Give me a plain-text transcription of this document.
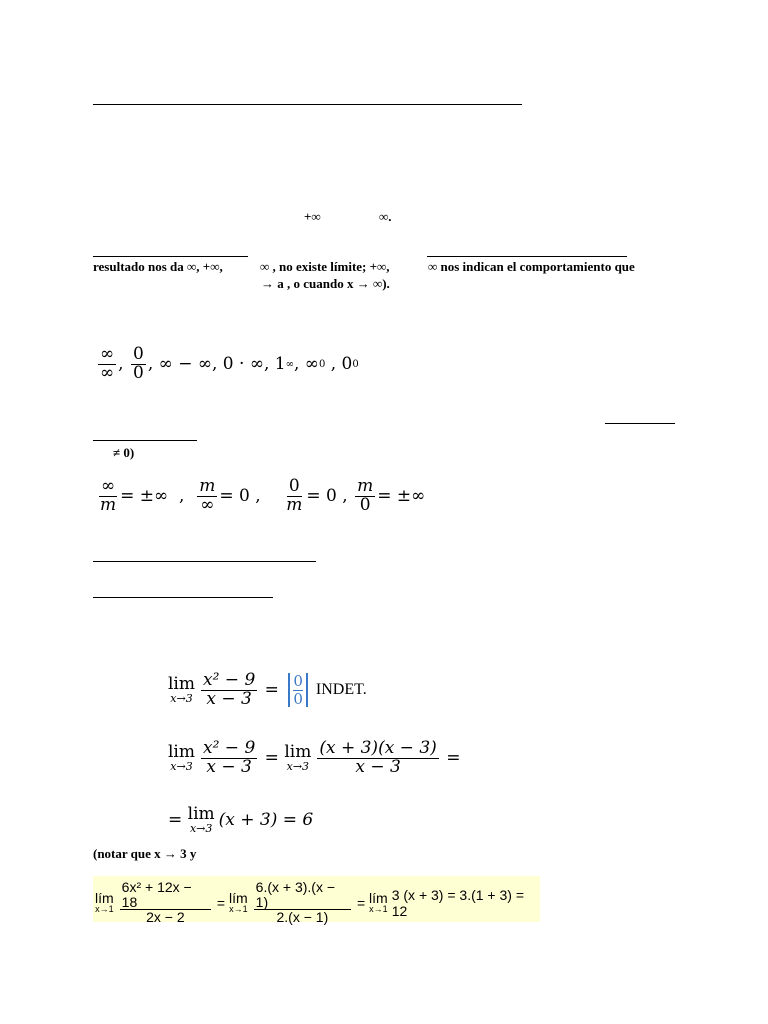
+∞	∞.
resultado nos da ∞, +∞,	∞ , no existe límite; +∞,	∞ nos indican el comportamiento que
→ a , o cuando x → ∞).
$\frac{\infty}{\infty}$ , $\frac{0}{0}$ , ∞ − ∞, 0 · ∞, 1 ∞ , ∞ 0 , 0 0
≠ 0)
$\frac{\infty}{m}$ = ±∞ , $\frac{m}{\infty} = 0$ , $\frac{0}{m} = 0$ , $\frac{m}{0}$ = ±∞
lim
$x\to 3 \frac{\text{x² − 9}}{x - 3} = \frac{0}{0}$ INDET.
lim
$x\to 3 \frac{\text{x² − 9}}{x - 3} = \lim$
$x\to 3 \frac{(x + 3)(x - 3)}{x - 3}$ =
= lim
x→3 (x + 3) = 6
(notar que x → 3 y
lím
$x\to 1 \frac{\text{6x² + 12x − 18}}{2x - 2}$ = lím
$x\to 1 \frac{6.(x + 3).(x - 1)}{2.(x - 1)}$ = lím
x→1
3 (x + 3) = 3.(1 + 3) = 12
